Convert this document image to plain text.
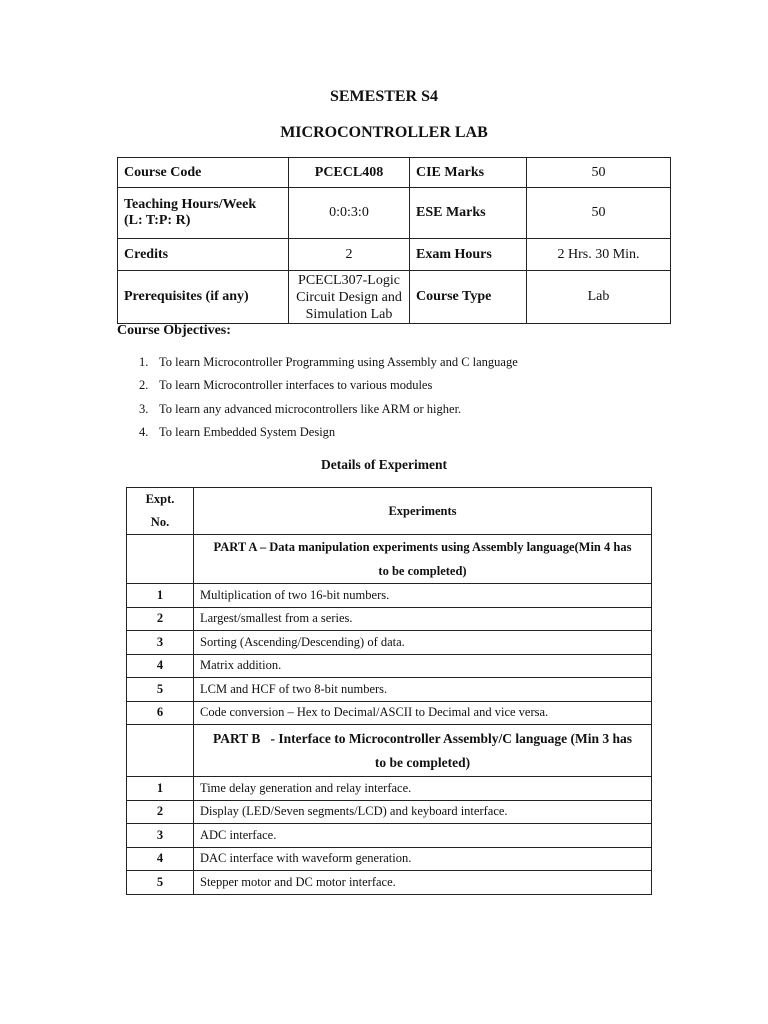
SEMESTER S4
MICROCONTROLLER LAB
Course Code	PCECL408	CIE Marks	50

Teaching Hours/Week
(L: T:P: R)	0:0:3:0	ESE Marks	50
Credits	2	Exam Hours	2 Hrs. 30 Min.
Prerequisites (if any)	PCECL307-Logic
Circuit Design and
Simulation Lab	Course Type	Lab
Course Objectives:
1. To learn Microcontroller Programming using Assembly and C language
2. To learn Microcontroller interfaces to various modules
3. To learn any advanced microcontrollers like ARM or higher.
4. To learn Embedded System Design
Details of Experiment
Expt.
No.	Experiments

	PART A – Data manipulation experiments using Assembly language(Min 4 has
to be completed)

1	Multiplication of two 16-bit numbers.
2	Largest/smallest from a series.
3	Sorting (Ascending/Descending) of data.
4	Matrix addition.
5	LCM and HCF of two 8-bit numbers.
6	Code conversion – Hex to Decimal/ASCII to Decimal and vice versa.

	PART B   - Interface to Microcontroller Assembly/C language (Min 3 has
to be completed)

1	Time delay generation and relay interface.
2	Display (LED/Seven segments/LCD) and keyboard interface.
3	ADC interface.
4	DAC interface with waveform generation.
5	Stepper motor and DC motor interface.
